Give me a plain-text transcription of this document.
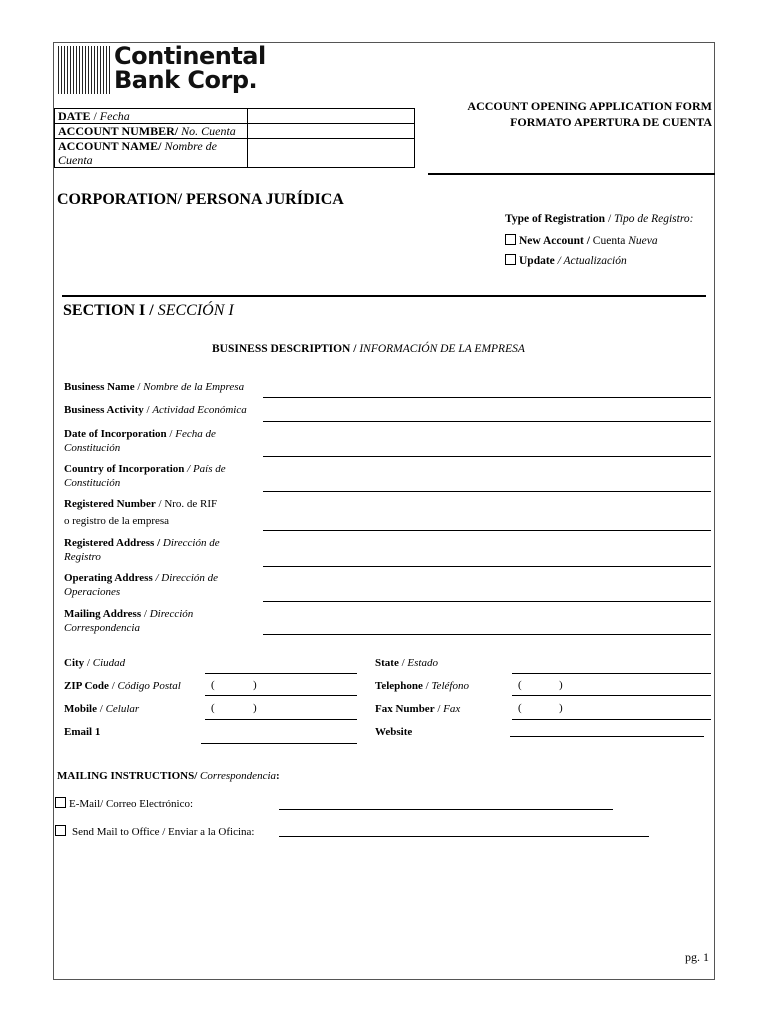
Continental
Bank Corp.
DATE / Fecha	
ACCOUNT NUMBER/ No. Cuenta	
ACCOUNT NAME/ Nombre de Cuenta	
ACCOUNT OPENING APPLICATION FORM
FORMATO APERTURA DE CUENTA
CORPORATION/ PERSONA JURÍDICA
Type of Registration / Tipo de Registro:
New Account / Cuenta Nueva
Update / Actualización
SECTION I / SECCIÓN I
BUSINESS DESCRIPTION / INFORMACIÓN DE LA EMPRESA
Business Name / Nombre de la Empresa
Business Activity / Actividad Económica
Date of Incorporation / Fecha de Constitución
Country of Incorporation / País de Constitución
Registered Number / Nro. de RIF
o registro de la empresa
Registered Address / Dirección de Registro
Operating Address / Dirección de Operaciones
Mailing Address / Dirección Correspondencia
City / Ciudad	State / Estado
ZIP Code / Código Postal	(	)	Telephone / Teléfono	(	)
Mobile / Celular	(	)	Fax Number / Fax	(	)
Email 1	Website
MAILING INSTRUCTIONS/ Correspondencia:
E-Mail/ Correo Electrónico:
Send Mail to Office / Enviar a la Oficina:
pg. 1
